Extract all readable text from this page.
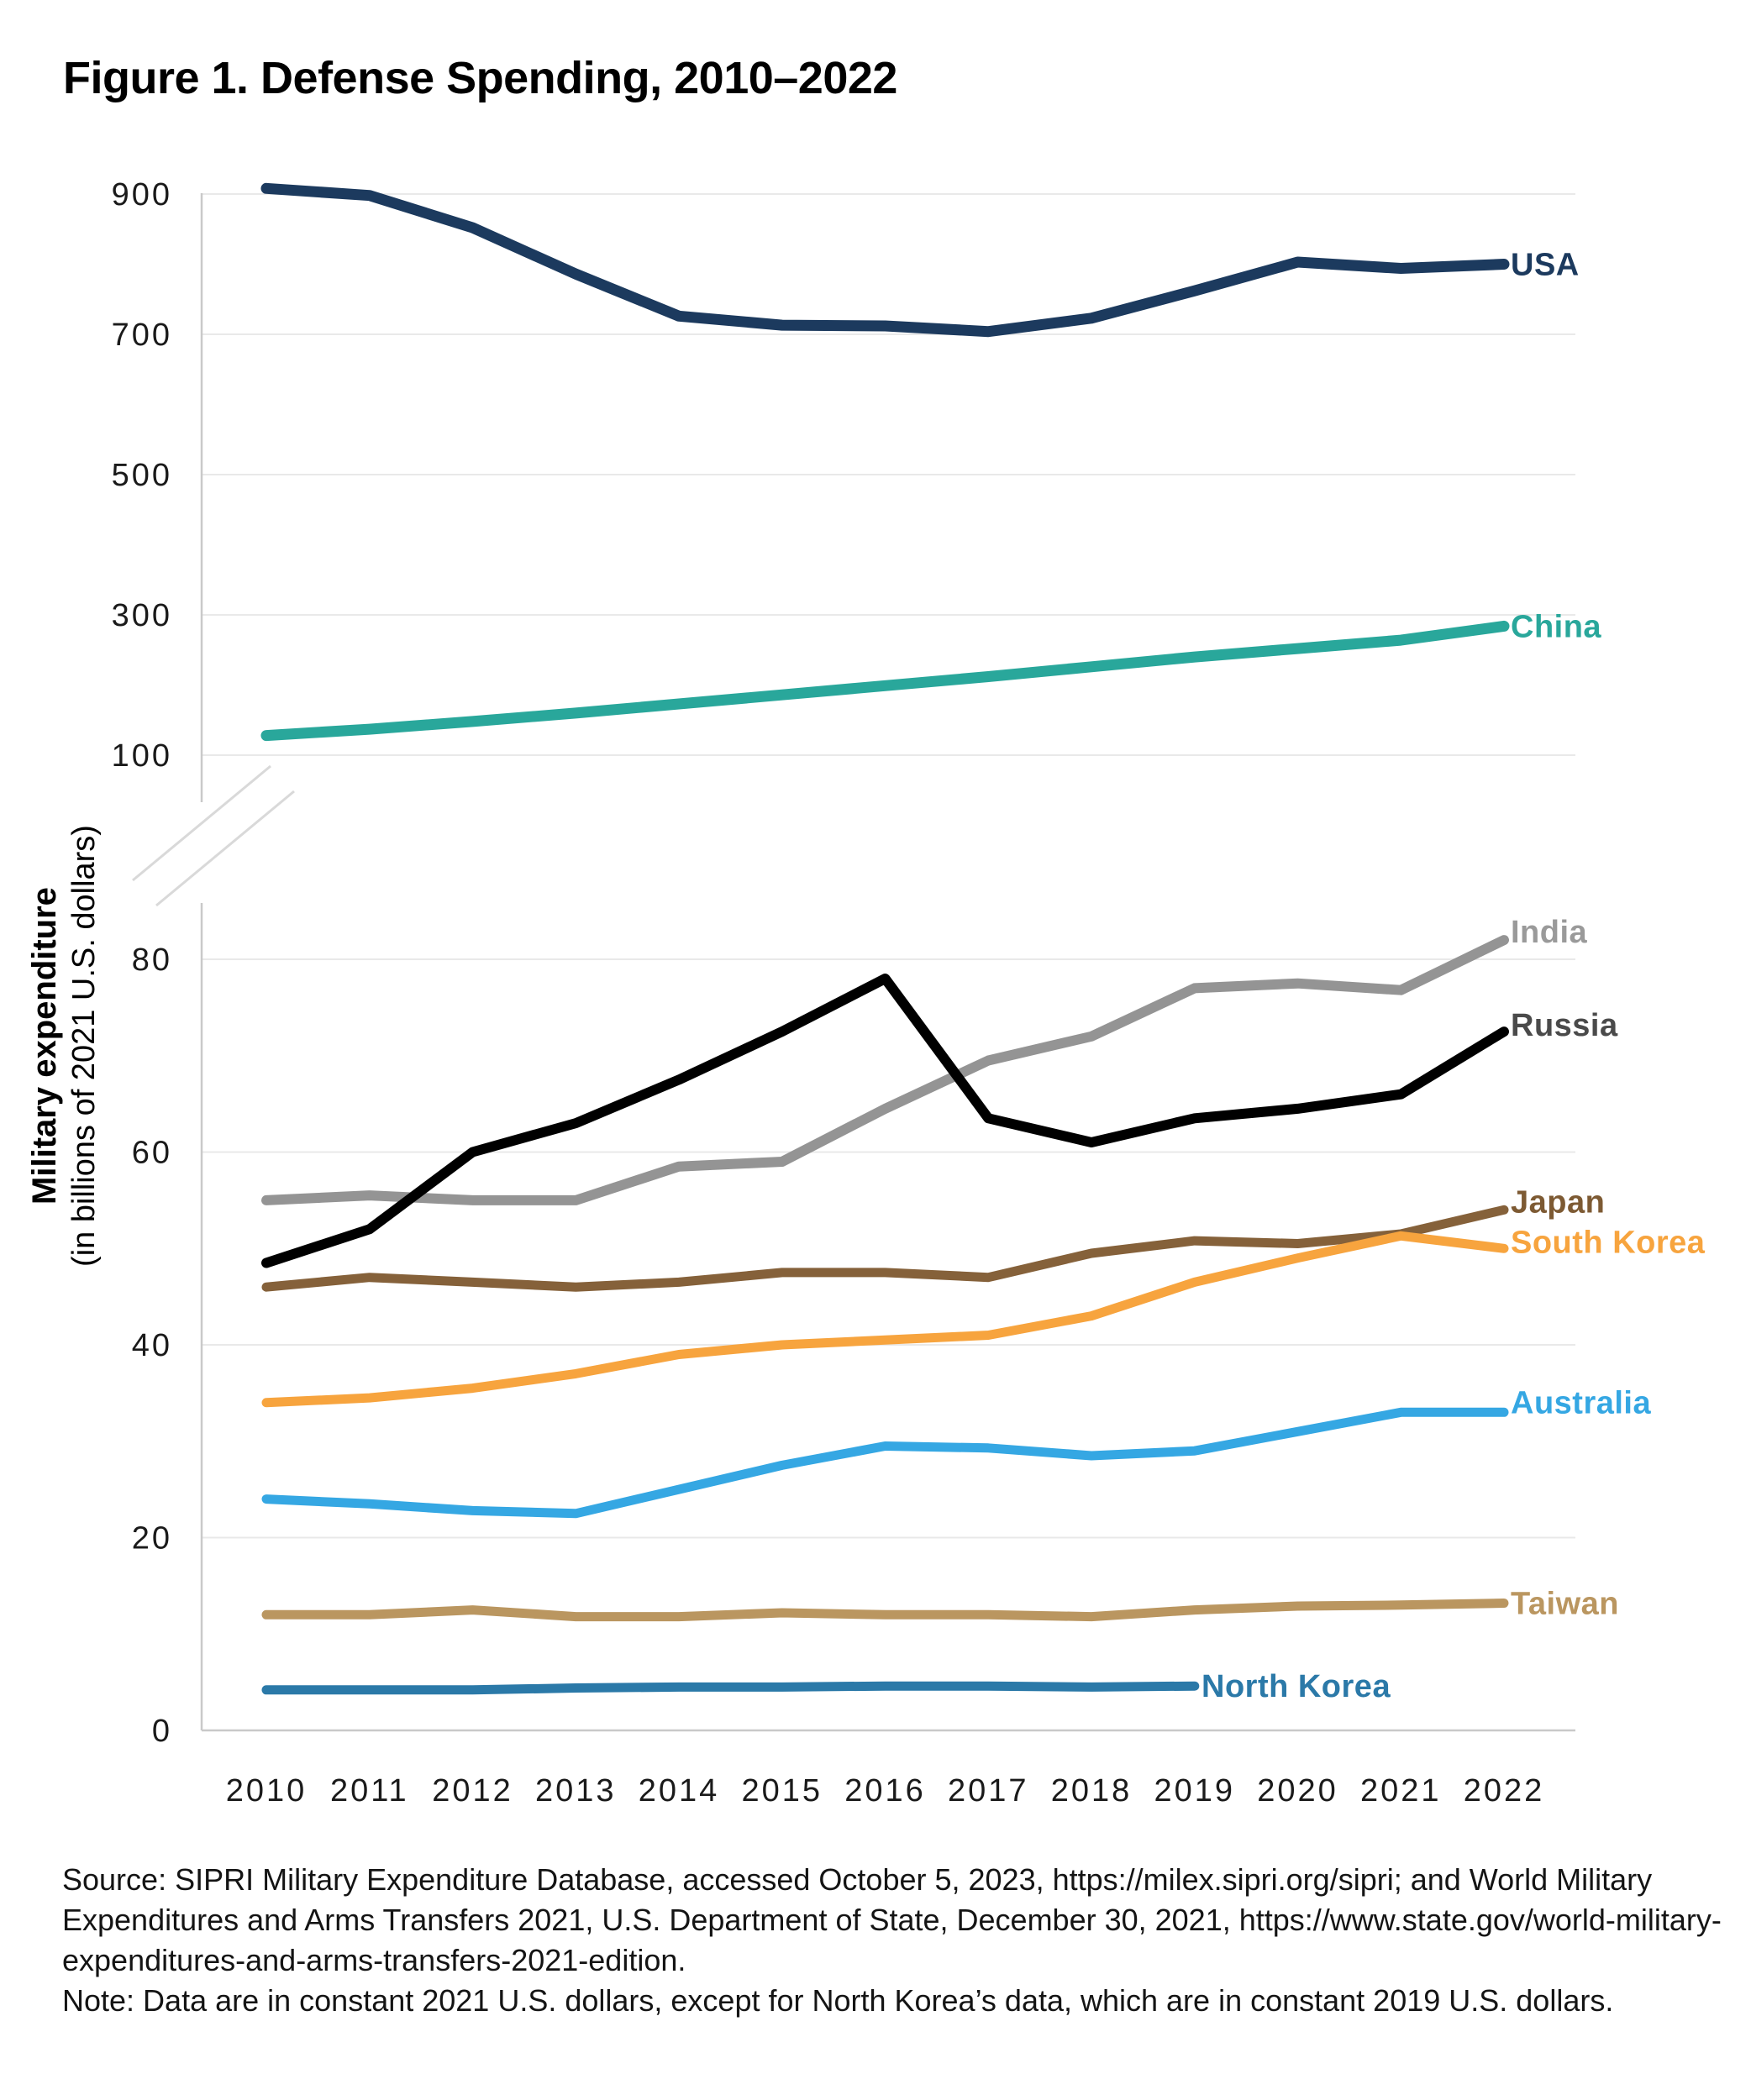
Figure 1. Defense Spending, 2010–2022
900
700
500
300
100
80
60
40
20
0
Military expenditure (in billions of 2021 U.S. dollars)
USA
China
India
Russia
Japan
South Korea
Australia
Taiwan
North Korea
2010 2011 2012 2013 2014 2015 2016 2017 2018 2019 2020 2021 2022
Source: SIPRI Military Expenditure Database, accessed October 5, 2023, https://milex.sipri.org/sipri; and World Military
Expenditures and Arms Transfers 2021, U.S. Department of State, December 30, 2021, https://www.state.gov/world-military-
expenditures-and-arms-transfers-2021-edition.
Note: Data are in constant 2021 U.S. dollars, except for North Korea’s data, which are in constant 2019 U.S. dollars.
